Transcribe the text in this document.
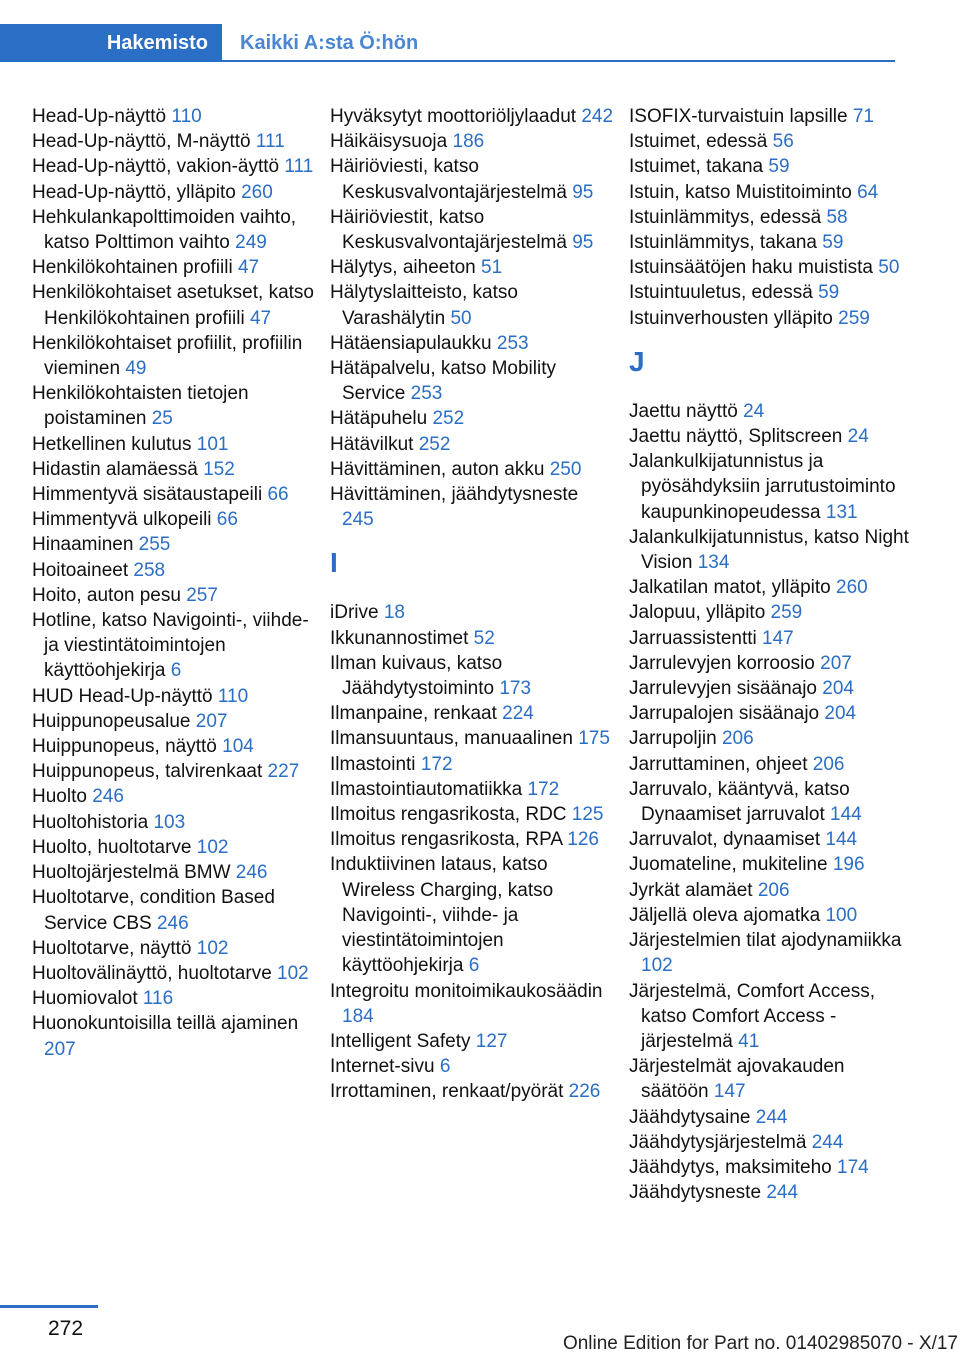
Hakemisto	Kaikki A:sta Ö:hön

Head-Up-näyttö 110

Head-Up-näyttö, M-näyttö 111

Head-Up-näyttö, vakion-äyttö 111

Head-Up-näyttö, ylläpito 260

Hehkulankapolttimoiden vaihto, katso Polttimon vaihto 249

Henkilökohtainen profiili 47

Henkilökohtaiset asetukset, katso Henkilökohtainen profiili 47

Henkilökohtaiset profiilit, profiilin vieminen 49

Henkilökohtaisten tietojen poistaminen 25

Hetkellinen kulutus 101

Hidastin alamäessä 152

Himmentyvä sisätaustapeili 66

Himmentyvä ulkopeili 66

Hinaaminen 255

Hoitoaineet 258

Hoito, auton pesu 257

Hotline, katso Navigointi-, viihde- ja viestintätoimintojen käyttöohjekirja 6

HUD Head-Up-näyttö 110

Huippunopeusalue 207

Huippunopeus, näyttö 104

Huippunopeus, talvirenkaat 227

Huolto 246

Huoltohistoria 103

Huolto, huoltotarve 102

Huoltojärjestelmä BMW 246

Huoltotarve, condition Based Service CBS 246

Huoltotarve, näyttö 102

Huoltovälinäyttö, huoltotarve 102

Huomiovalot 116

Huonokuntoisilla teillä ajaminen 207

Hyväksytyt moottoriöljylaadut 242

Häikäisysuoja 186

Häiriöviesti, katso Keskusvalvontajärjestelmä 95

Häiriöviestit, katso Keskusvalvontajärjestelmä 95

Hälytys, aiheeton 51

Hälytyslaitteisto, katso Varashälytin 50

Hätäensiapulaukku 253

Hätäpalvelu, katso Mobility Service 253

Hätäpuhelu 252

Hätävilkut 252

Hävittäminen, auton akku 250

Hävittäminen, jäähdytysneste 245

I

iDrive 18

Ikkunannostimet 52

Ilman kuivaus, katso Jäähdytystoiminto 173

Ilmanpaine, renkaat 224

Ilmansuuntaus, manuaalinen 175

Ilmastointi 172

Ilmastointiautomatiikka 172

Ilmoitus rengasrikosta, RDC 125

Ilmoitus rengasrikosta, RPA 126

Induktiivinen lataus, katso Wireless Charging, katso Navigointi-, viihde- ja viestintätoimintojen käyttöohjekirja 6

Integroitu monitoimikaukosäädin 184

Intelligent Safety 127

Internet-sivu 6

Irrottaminen, renkaat/pyörät 226

ISOFIX-turvaistuin lapsille 71

Istuimet, edessä 56

Istuimet, takana 59

Istuin, katso Muistitoiminto 64

Istuinlämmitys, edessä 58

Istuinlämmitys, takana 59

Istuinsäätöjen haku muistista 50

Istuintuuletus, edessä 59

Istuinverhousten ylläpito 259

J

Jaettu näyttö 24

Jaettu näyttö, Splitscreen 24

Jalankulkijatunnistus ja pyösähdyksiin jarrutustoiminto kaupunkinopeudessa 131

Jalankulkijatunnistus, katso Night Vision 134

Jalkatilan matot, ylläpito 260

Jalopuu, ylläpito 259

Jarruassistentti 147

Jarrulevyjen korroosio 207

Jarrulevyjen sisäänajo 204

Jarrupalojen sisäänajo 204

Jarrupoljin 206

Jarruttaminen, ohjeet 206

Jarruvalo, kääntyvä, katso Dynaamiset jarruvalot 144

Jarruvalot, dynaamiset 144

Juomateline, mukiteline 196

Jyrkät alamäet 206

Jäljellä oleva ajomatka 100

Järjestelmien tilat ajodynamiikka 102

Järjestelmä, Comfort Access, katso Comfort Access -järjestelmä 41

Järjestelmät ajovakauden säätöön 147

Jäähdytysaine 244

Jäähdytysjärjestelmä 244

Jäähdytys, maksimiteho 174

Jäähdytysneste 244

272
Online Edition for Part no. 01402985070 - X/17
